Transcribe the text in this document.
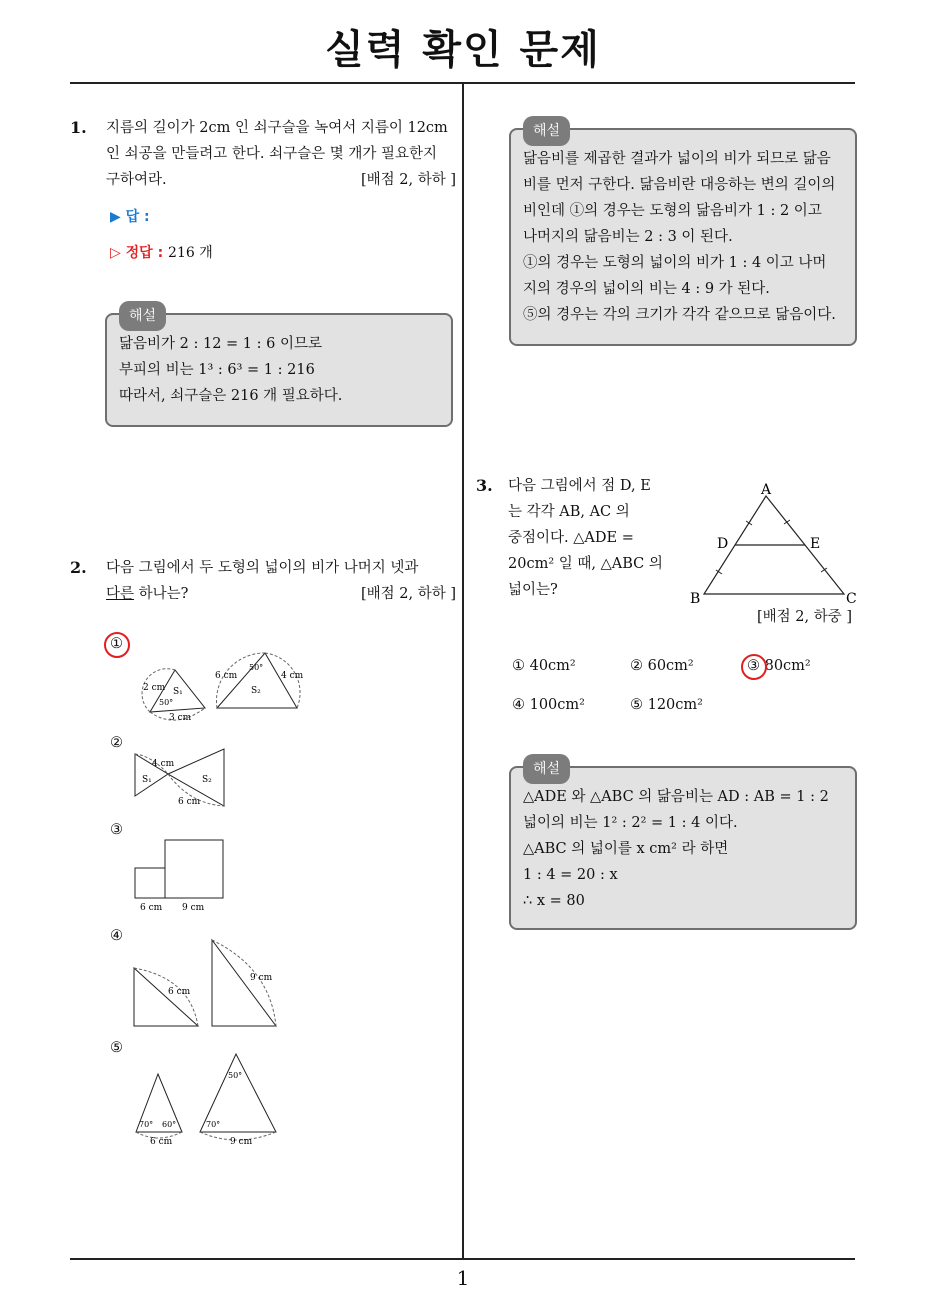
실력 확인 문제
1
1. 지름의 길이가 2cm 인 쇠구슬을 녹여서 지름이 12cm
인 쇠공을 만들려고 한다. 쇠구슬은 몇 개가 필요한지
구하여라.	[배점 2, 하하 ]
▶ 답 :
▷ 정답 : 216 개
해설
닮음비가 2 : 12 = 1 : 6 이므로
부피의 비는 1³ : 6³ = 1 : 216
따라서, 쇠구슬은 216 개 필요하다.
2. 다음 그림에서 두 도형의 넓이의 비가 나머지 넷과
다른 하나는?	[배점 2, 하하 ]
①
②
③
④
⑤
2 cm S₁
50°
3 cm
6 cm
50°
4 cm
S₂
4 cm
S₁	S₂
6 cm
6 cm 9 cm
6 cm
9 cm
70° 60°
6 cm
50°
70°
9 cm
해설
닮음비를 제곱한 결과가 넓이의 비가 되므로 닮음
비를 먼저 구한다. 닮음비란 대응하는 변의 길이의
비인데 ①의 경우는 도형의 닮음비가 1 : 2 이고
나머지의 닮음비는 2 : 3 이 된다.
①의 경우는 도형의 넓이의 비가 1 : 4 이고 나머
지의 경우의 넓이의 비는 4 : 9 가 된다.
⑤의 경우는 각의 크기가 각각 같으므로 닮음이다.
3. 다음 그림에서 점 D, E
는 각각 AB, AC 의
중점이다. △ADE =
20cm² 일 때, △ABC 의
넓이는?
A
D	E
B	C
[배점 2, 하중 ]
① 40cm²	② 60cm²	③ 80cm²
④ 100cm²	⑤ 120cm²
해설
△ADE 와 △ABC 의 닮음비는 AD : AB = 1 : 2
넓이의 비는 1² : 2² = 1 : 4 이다.
△ABC 의 넓이를 x cm² 라 하면
1 : 4 = 20 : x
∴ x = 80
